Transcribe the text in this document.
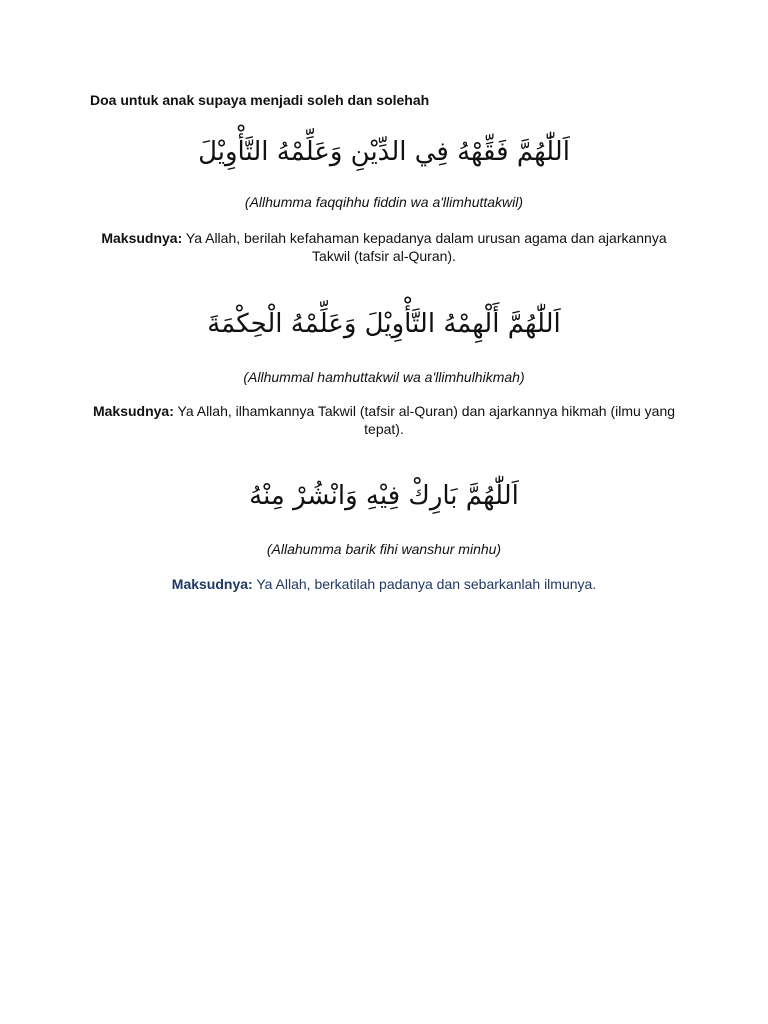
Doa untuk anak supaya menjadi soleh dan solehah
اَللّٰهُمَّ فَقِّهْهُ فِي الدِّيْنِ وَعَلِّمْهُ التَّأْوِيْلَ
(Allhumma faqqihhu fiddin wa a'llimhuttakwil)
Maksudnya: Ya Allah, berilah kefahaman kepadanya dalam urusan agama dan ajarkannya Takwil (tafsir al-Quran).
اَللّٰهُمَّ أَلْهِمْهُ التَّأْوِيْلَ وَعَلِّمْهُ الْحِكْمَةَ
(Allhummal hamhuttakwil wa a'llimhulhikmah)
Maksudnya: Ya Allah, ilhamkannya Takwil (tafsir al-Quran) dan ajarkannya hikmah (ilmu yang tepat).
اَللّٰهُمَّ بَارِكْ فِيْهِ وَانْشُرْ مِنْهُ
(Allahumma barik fihi wanshur minhu)
Maksudnya: Ya Allah, berkatilah padanya dan sebarkanlah ilmunya.
